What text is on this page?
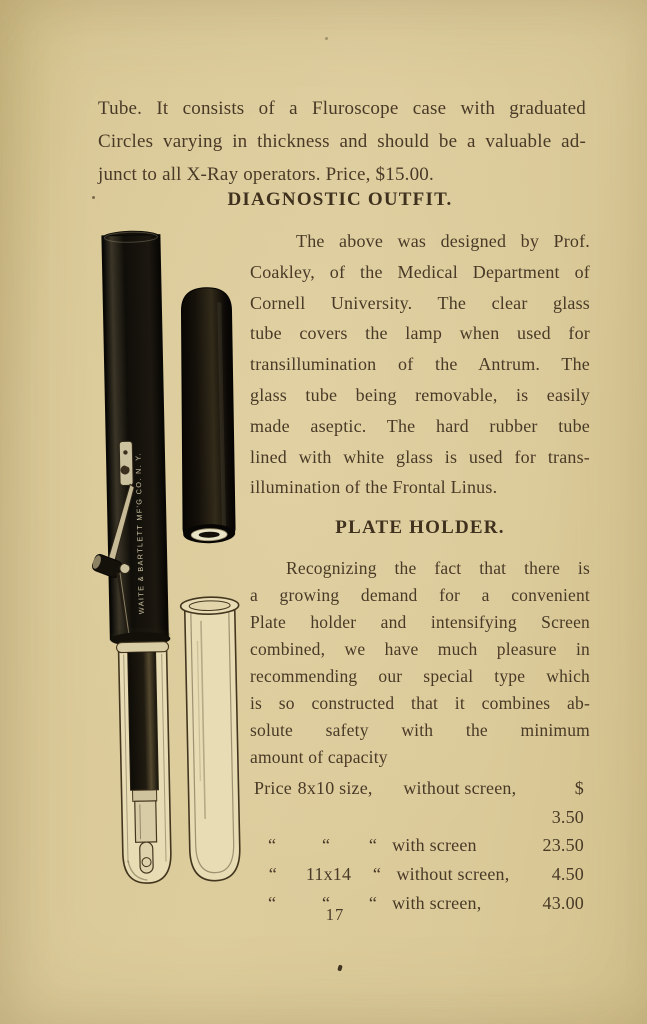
Tube. It consists of a Fluroscope case with graduated
Circles varying in thickness and should be a valuable ad-
junct to all X-Ray operators. Price, $15.00.
DIAGNOSTIC OUTFIT.
WAITE & BARTLETT MF'G CO. N. Y.
The above was designed by Prof.
Coakley, of the Medical Department of
Cornell University. The clear glass
tube covers the lamp when used for
transillumination of the Antrum. The
glass tube being removable, is easily
made aseptic. The hard rubber tube
lined with white glass is used for trans-
illumination of the Frontal Linus.
PLATE HOLDER.
Recognizing the fact that there is
a growing demand for a convenient
Plate holder and intensifying Screen
combined, we have much pleasure in
recommending our special type which
is so constructed that it combines ab-
solute safety with the minimum
amount of capacity
Price 8x10 size, without screen,	$ 3.50
“	“	“ with screen	23.50
“	11x14	“ without screen,	4.50
“	“	“ with screen,	43.00
17
